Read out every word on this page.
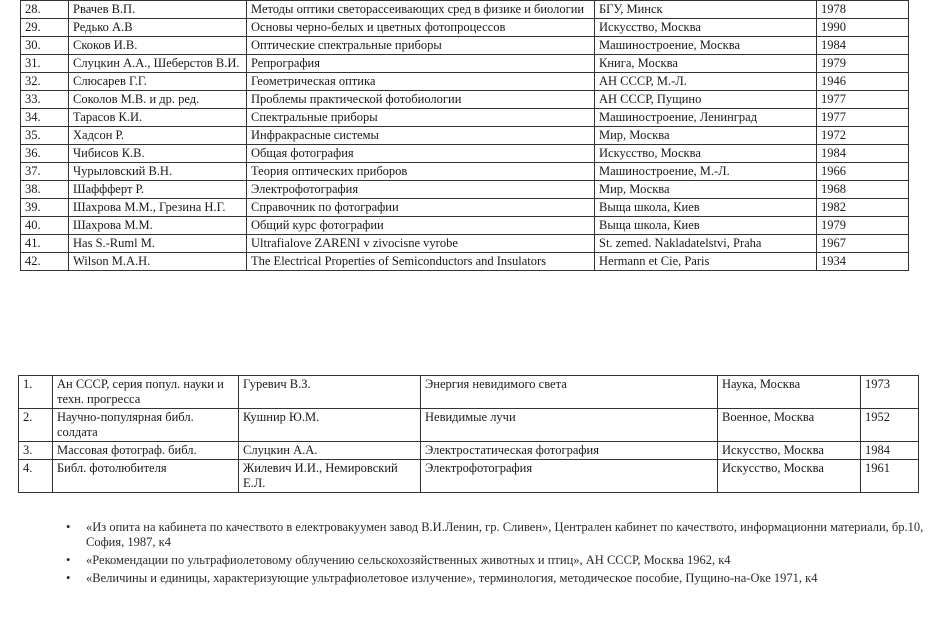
28.	Рвачев В.П.	Методы оптики светорассеивающих сред в физике и биологии	БГУ, Минск	1978
29.	Редько А.В	Основы черно-белых и цветных фотопроцессов	Искусство, Москва	1990
30.	Скоков И.В.	Оптические спектральные приборы	Машиностроение, Москва	1984
31.	Слуцкин А.А., Шеберстов В.И.	Репрография	Книга, Москва	1979
32.	Слюсарев Г.Г.	Геометрическая оптика	АН СССР, М.-Л.	1946
33.	Соколов М.В. и др. ред.	Проблемы практической фотобиологии	АН СССР, Пущино	1977
34.	Тарасов К.И.	Спектральные приборы	Машиностроение, Ленинград	1977
35.	Хадсон Р.	Инфракрасные системы	Мир, Москва	1972
36.	Чибисов К.В.	Общая фотография	Искусство, Москва	1984
37.	Чурыловский В.Н.	Теория оптических приборов	Машиностроение, М.-Л.	1966
38.	Шаффферт Р.	Электрофотография	Мир, Москва	1968
39.	Шахрова М.М., Грезина Н.Г.	Справочник по фотографии	Выща школа, Киев	1982
40.	Шахрова М.М.	Общий курс фотографии	Выща школа, Киев	1979
41.	Has S.-Ruml M.	Ultrafialove ZARENI v zivocisne vyrobe	St. zemed. Nakladatelstvi, Praha	1967
42.	Wilson M.A.H.	The Electrical Properties of Semiconductors and Insulators	Hermann et Cie, Paris	1934
1.	Ан СССР, серия попул. науки и техн. прогресса	Гуревич В.З.	Энергия невидимого света	Наука, Москва	1973
2.	Научно-популярная библ. солдата	Кушнир Ю.М.	Невидимые лучи	Военное, Москва	1952
3.	Массовая фотограф. библ.	Слуцкин А.А.	Электростатическая фотография	Искусство, Москва	1984
4.	Библ. фотолюбителя	Жилевич И.И., Немировский Е.Л.	Электрофотография	Искусство, Москва	1961
• «Из опита на кабинета по качеството в електровакуумен завод В.И.Ленин, гр. Сливен», Централен кабинет по качеството, информационни материали, бр.10, София, 1987, к4
• «Рекомендации по ультрафиолетовому облучению сельскохозяйственных животных и птиц», АН СССР, Москва 1962, к4
• «Величины и единицы, характеризующие ультрафиолетовое излучение», терминология, методическое пособие, Пущино-на-Оке 1971, к4
